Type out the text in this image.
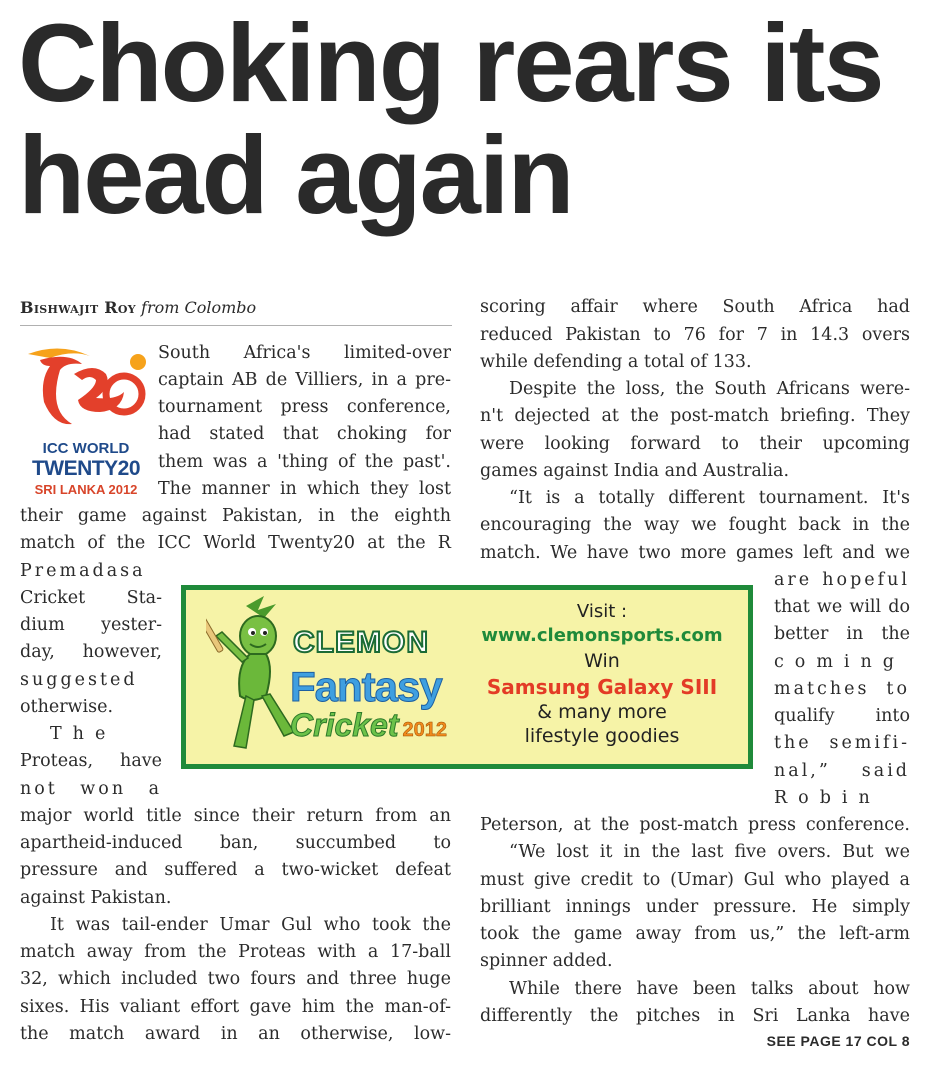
Choking rears its
head again
Bishwajit Roy from Colombo
ICC WORLD
TWENTY20
SRI LANKA 2012

South Africa's limited-over

captain AB de Villiers, in a pre-

tournament press conference,

had stated that choking for

them was a 'thing of the past'.

The manner in which they lost

their game against Pakistan, in the eighth

match of the ICC World Twenty20 at the R

Premadasa

Cricket Sta-

dium yester-

day, however,

suggested

otherwise.

The

Proteas, have

not won a

major world title since their return from an

apartheid-induced ban, succumbed to

pressure and suffered a two-wicket defeat

against Pakistan.

It was tail-ender Umar Gul who took the

match away from the Proteas with a 17-ball

32, which included two fours and three huge

sixes. His valiant effort gave him the man-of-

the match award in an otherwise, low-

scoring affair where South Africa had

reduced Pakistan to 76 for 7 in 14.3 overs

while defending a total of 133.

Despite the loss, the South Africans were-

n't dejected at the post-match briefing. They

were looking forward to their upcoming

games against India and Australia.

“It is a totally different tournament. It's

encouraging the way we fought back in the

match. We have two more games left and we

are hopeful

that we will do

better in the

coming

matches to

qualify into

the semifi-

nal,” said

Robin

Peterson, at the post-match press conference.

“We lost it in the last five overs. But we

must give credit to (Umar) Gul who played a

brilliant innings under pressure. He simply

took the game away from us,” the left-arm

spinner added.

While there have been talks about how

differently the pitches in Sri Lanka have

CLEMON
Fantasy
Cricket 2012
Visit :
www.clemonsports.com
Win
Samsung Galaxy SIII
& many more
lifestyle goodies
SEE PAGE 17 COL 8
